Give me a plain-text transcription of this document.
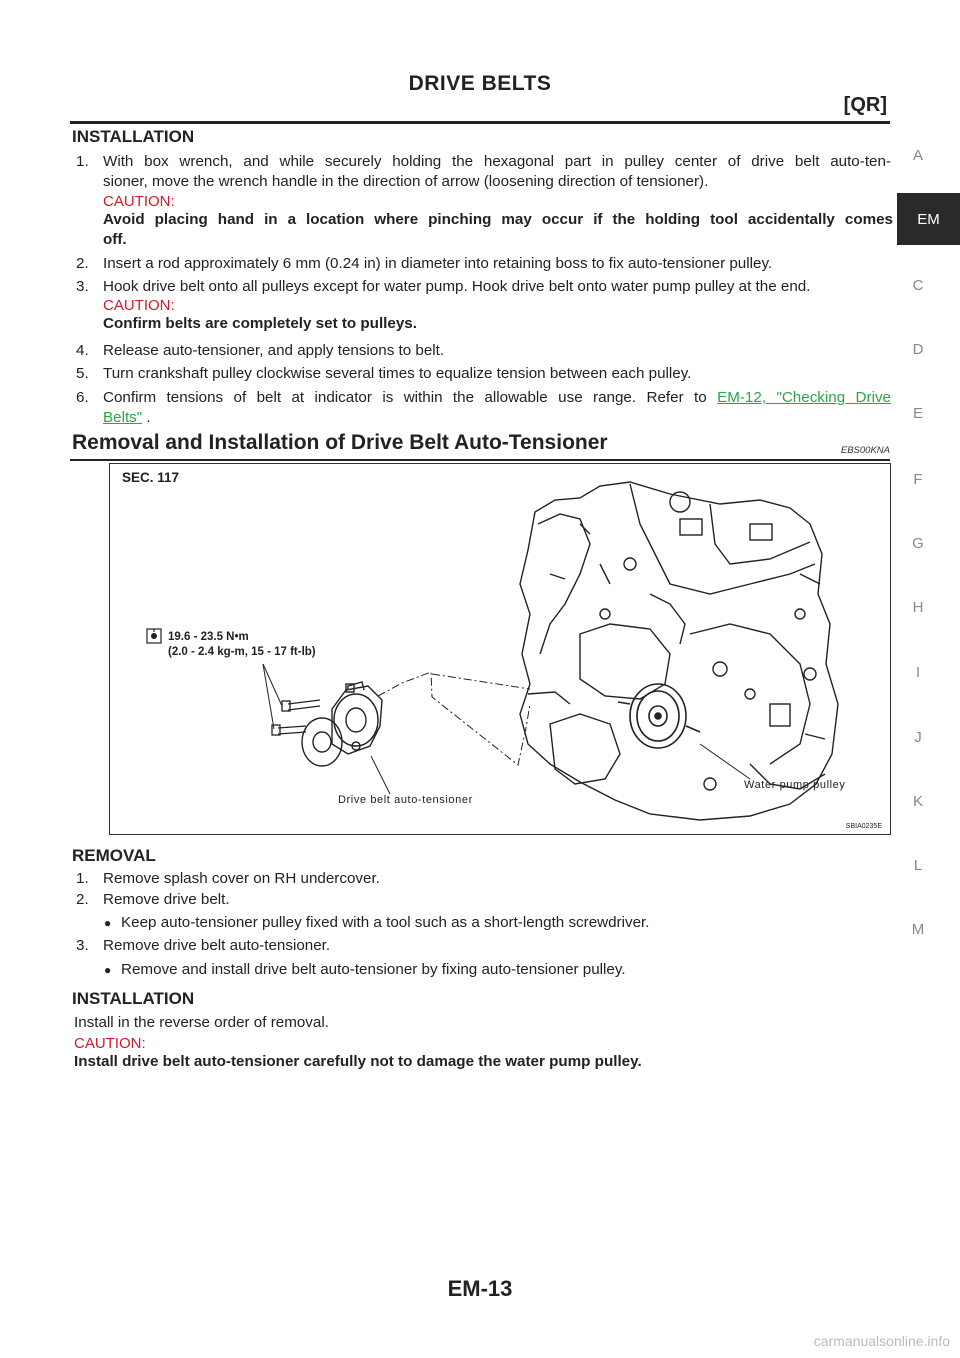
DRIVE BELTS
[QR]
INSTALLATION
1. With box wrench, and while securely holding the hexagonal part in pulley center of drive belt auto-ten-
sioner, move the wrench handle in the direction of arrow (loosening direction of tensioner).
CAUTION:
Avoid placing hand in a location where pinching may occur if the holding tool accidentally comes
off.
2. Insert a rod approximately 6 mm (0.24 in) in diameter into retaining boss to fix auto-tensioner pulley.
3. Hook drive belt onto all pulleys except for water pump. Hook drive belt onto water pump pulley at the end.
CAUTION:
Confirm belts are completely set to pulleys.
4. Release auto-tensioner, and apply tensions to belt.
5. Turn crankshaft pulley clockwise several times to equalize tension between each pulley.
6. Confirm tensions of belt at indicator is within the allowable use range. Refer to EM-12, "Checking Drive
Belts" .
Removal and Installation of Drive Belt Auto-Tensioner	EBS00KNA
SEC. 117
19.6 - 23.5 N•m
(2.0 - 2.4 kg-m, 15 - 17 ft-lb)
Drive belt auto-tensioner
Water pump pulley
SBIA0235E
REMOVAL
1. Remove splash cover on RH undercover.
2. Remove drive belt.
● Keep auto-tensioner pulley fixed with a tool such as a short-length screwdriver.
3. Remove drive belt auto-tensioner.
● Remove and install drive belt auto-tensioner by fixing auto-tensioner pulley.
INSTALLATION
Install in the reverse order of removal.
CAUTION:
Install drive belt auto-tensioner carefully not to damage the water pump pulley.
A
EM
C
D
E
F
G
H
I
J
K
L
M
EM-13
carmanualsonline.info
